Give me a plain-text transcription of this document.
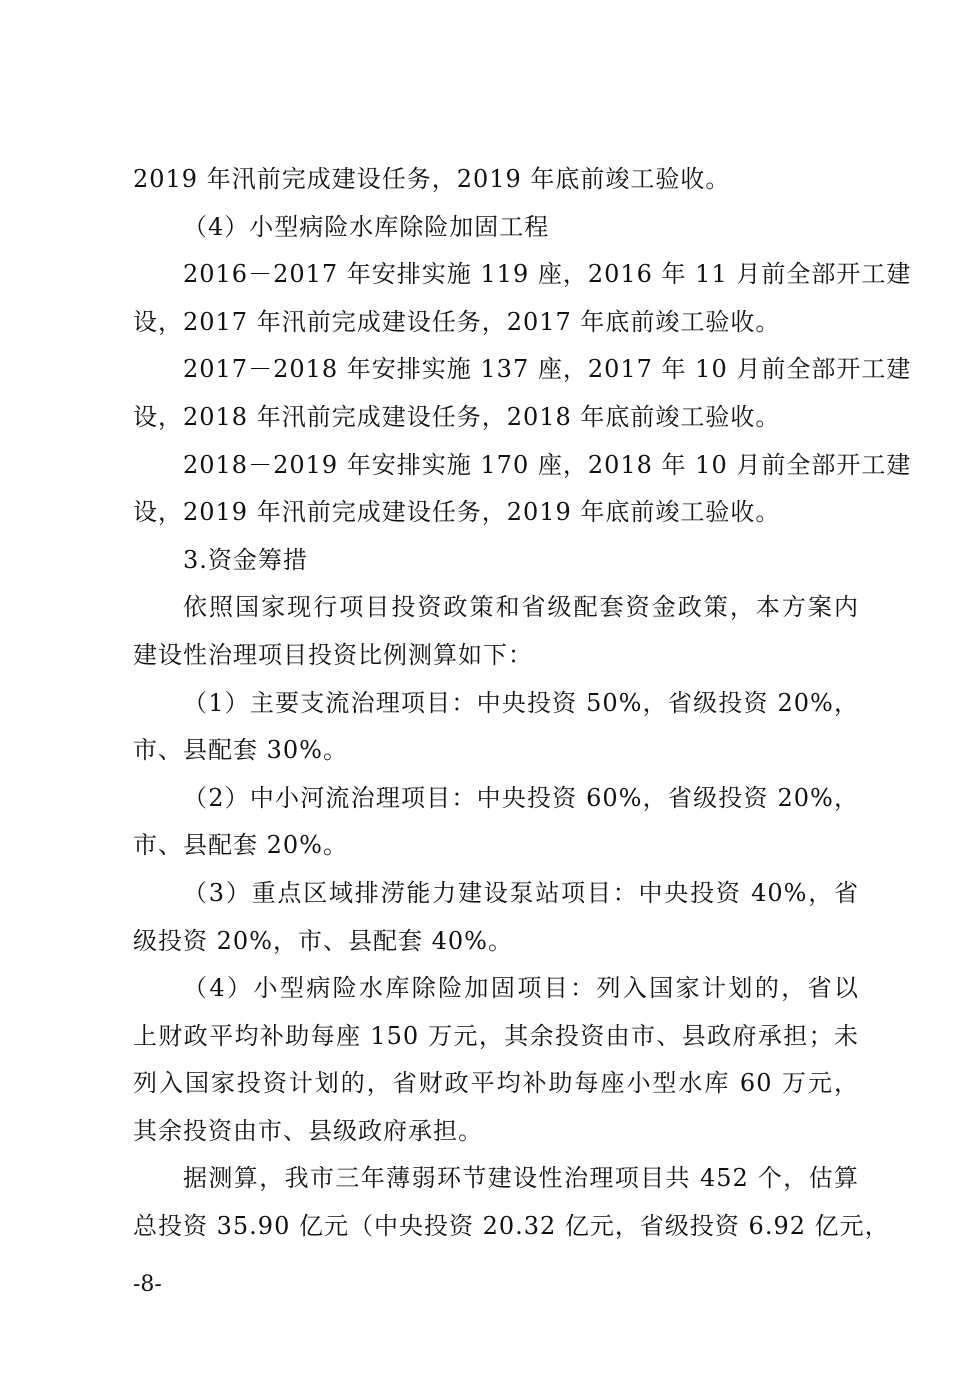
2019 年汛前完成建设任务，2019 年底前竣工验收。
（4）小型病险水库除险加固工程
2016－2017 年安排实施 119 座，2016 年 11 月前全部开工建
设，2017 年汛前完成建设任务，2017 年底前竣工验收。
2017－2018 年安排实施 137 座，2017 年 10 月前全部开工建
设，2018 年汛前完成建设任务，2018 年底前竣工验收。
2018－2019 年安排实施 170 座，2018 年 10 月前全部开工建
设，2019 年汛前完成建设任务，2019 年底前竣工验收。
3.资金筹措
依照国家现行项目投资政策和省级配套资金政策，本方案内
建设性治理项目投资比例测算如下：
（1）主要支流治理项目：中央投资 50%，省级投资 20%，
市、县配套 30%。
（2）中小河流治理项目：中央投资 60%，省级投资 20%，
市、县配套 20%。
（3）重点区域排涝能力建设泵站项目：中央投资 40%，省
级投资 20%，市、县配套 40%。
（4）小型病险水库除险加固项目：列入国家计划的，省以
上财政平均补助每座 150 万元，其余投资由市、县政府承担；未
列入国家投资计划的，省财政平均补助每座小型水库 60 万元，
其余投资由市、县级政府承担。
据测算，我市三年薄弱环节建设性治理项目共 452 个，估算
总投资 35.90 亿元（中央投资 20.32 亿元，省级投资 6.92 亿元，
-8-
